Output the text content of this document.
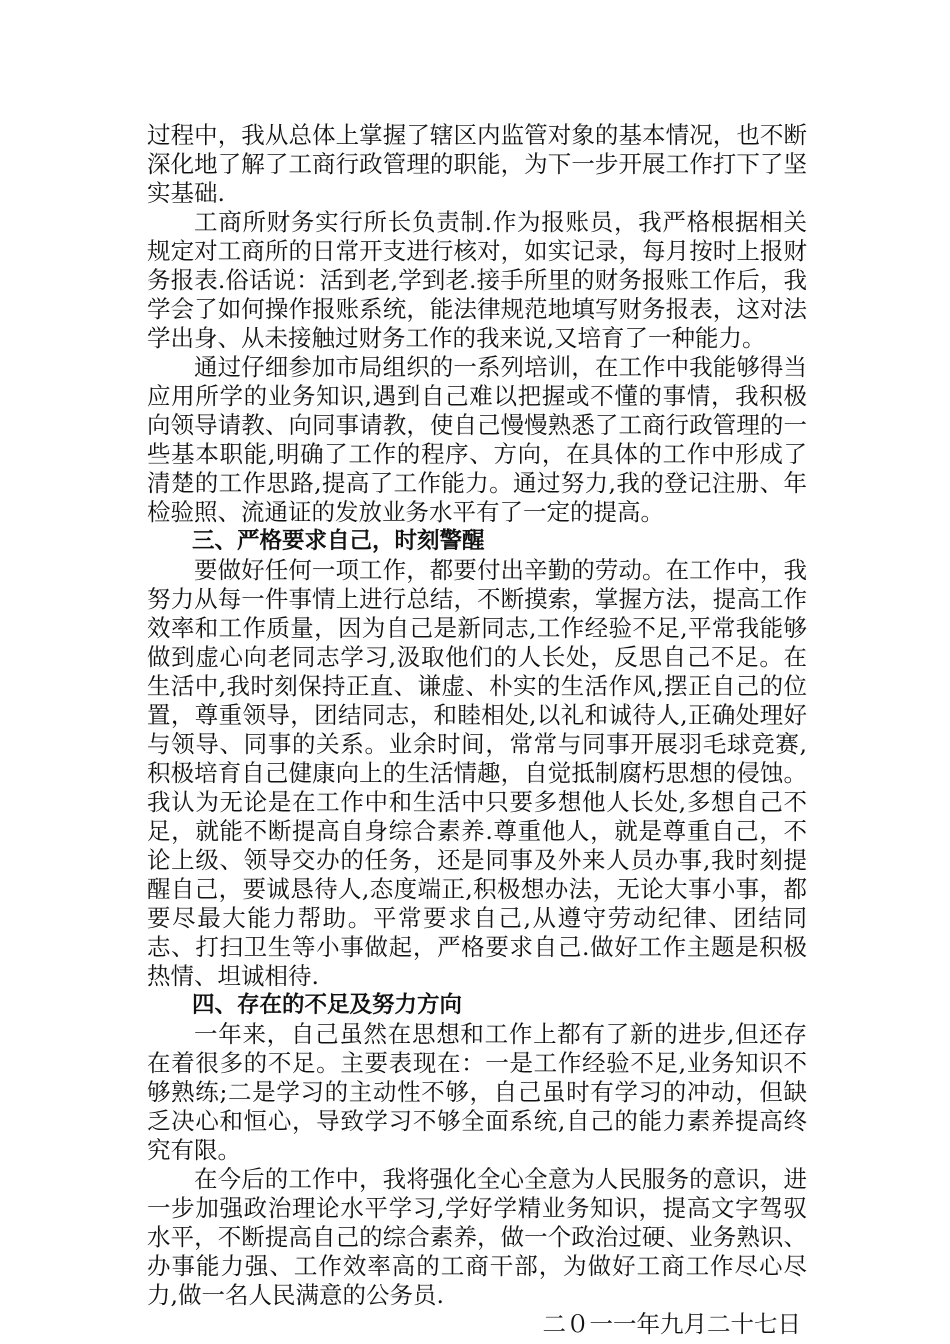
过程中，我从总体上掌握了辖区内监管对象的基本情况，也不断深化地了解了工商行政管理的职能，为下一步开展工作打下了坚实基础.

工商所财务实行所长负责制.作为报账员，我严格根据相关规定对工商所的日常开支进行核对，如实记录，每月按时上报财务报表.俗话说：活到老,学到老.接手所里的财务报账工作后，我学会了如何操作报账系统，能法律规范地填写财务报表，这对法学出身、从未接触过财务工作的我来说,又培育了一种能力。

通过仔细参加市局组织的一系列培训，在工作中我能够得当应用所学的业务知识,遇到自己难以把握或不懂的事情，我积极向领导请教、向同事请教，使自己慢慢熟悉了工商行政管理的一些基本职能,明确了工作的程序、方向，在具体的工作中形成了清楚的工作思路,提高了工作能力。通过努力,我的登记注册、年检验照、流通证的发放业务水平有了一定的提高。

三、严格要求自己，时刻警醒

要做好任何一项工作，都要付出辛勤的劳动。在工作中，我努力从每一件事情上进行总结，不断摸索，掌握方法，提高工作效率和工作质量，因为自己是新同志,工作经验不足,平常我能够做到虚心向老同志学习,汲取他们的人长处，反思自己不足。在生活中,我时刻保持正直、谦虚、朴实的生活作风,摆正自己的位置，尊重领导，团结同志，和睦相处,以礼和诚待人,正确处理好与领导、同事的关系。业余时间，常常与同事开展羽毛球竞赛,积极培育自己健康向上的生活情趣，自觉抵制腐朽思想的侵蚀。我认为无论是在工作中和生活中只要多想他人长处,多想自己不足，就能不断提高自身综合素养.尊重他人，就是尊重自己，不论上级、领导交办的任务，还是同事及外来人员办事,我时刻提醒自己，要诚恳待人,态度端正,积极想办法，无论大事小事，都要尽最大能力帮助。平常要求自己,从遵守劳动纪律、团结同志、打扫卫生等小事做起，严格要求自己.做好工作主题是积极热情、坦诚相待.

四、存在的不足及努力方向

一年来，自己虽然在思想和工作上都有了新的进步,但还存在着很多的不足。主要表现在：一是工作经验不足,业务知识不够熟练;二是学习的主动性不够，自己虽时有学习的冲动，但缺乏决心和恒心，导致学习不够全面系统,自己的能力素养提高终究有限。

在今后的工作中，我将强化全心全意为人民服务的意识，进一步加强政治理论水平学习,学好学精业务知识，提高文字驾驭水平，不断提高自己的综合素养，做一个政治过硬、业务熟识、办事能力强、工作效率高的工商干部，为做好工商工作尽心尽力,做一名人民满意的公务员.

二０一一年九月二十七日
